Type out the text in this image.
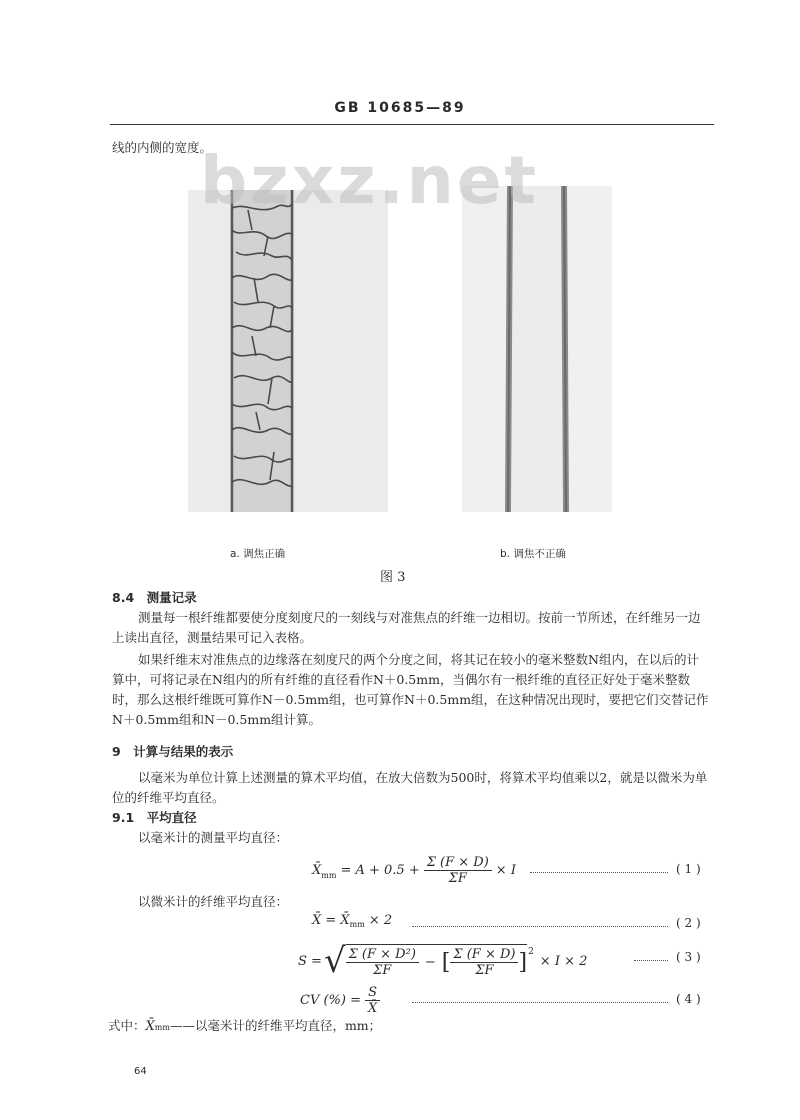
GB 10685—89
线的内侧的宽度。
bzxz.net
a. 调焦正确	b. 调焦不正确
图 3
8.4　测量记录
测量每一根纤维都要使分度刻度尺的一刻线与对准焦点的纤维一边相切。按前一节所述，在纤维另一边上读出直径，测量结果可记入表格。
如果纤维末对准焦点的边缘落在刻度尺的两个分度之间，将其记在较小的毫米整数N组内，在以后的计算中，可将记录在N组内的所有纤维的直径看作N＋0.5mm，当偶尔有一根纤维的直径正好处于毫米整数时，那么这根纤维既可算作N－0.5mm组，也可算作N＋0.5mm组，在这种情况出现时，要把它们交替记作N＋0.5mm组和N－0.5mm组计算。
9　计算与结果的表示
以毫米为单位计算上述测量的算术平均值，在放大倍数为500时，将算术平均值乘以2，就是以微米为单位的纤维平均直径。
9.1　平均直径
以毫米计的测量平均直径：
X̄ mm = $A + 0.5 + \frac{\Sigma (F \times D)}{\Sigma F} \times I$	( 1 )
以微米计的纤维平均直径：
X̄ = X̄ mm × 2	( 2 )
S = √ $\frac{\text{Σ (F × D²)}}{\Sigma F}$ − [ $\frac{\Sigma (F \times D)}{\Sigma F}$ ] 2
× I × 2	( 3 )
CV (%) = $\frac{S}{X̄}$	( 4 )
式中： X̄ mm ——以毫米计的纤维平均直径，mm；
64
